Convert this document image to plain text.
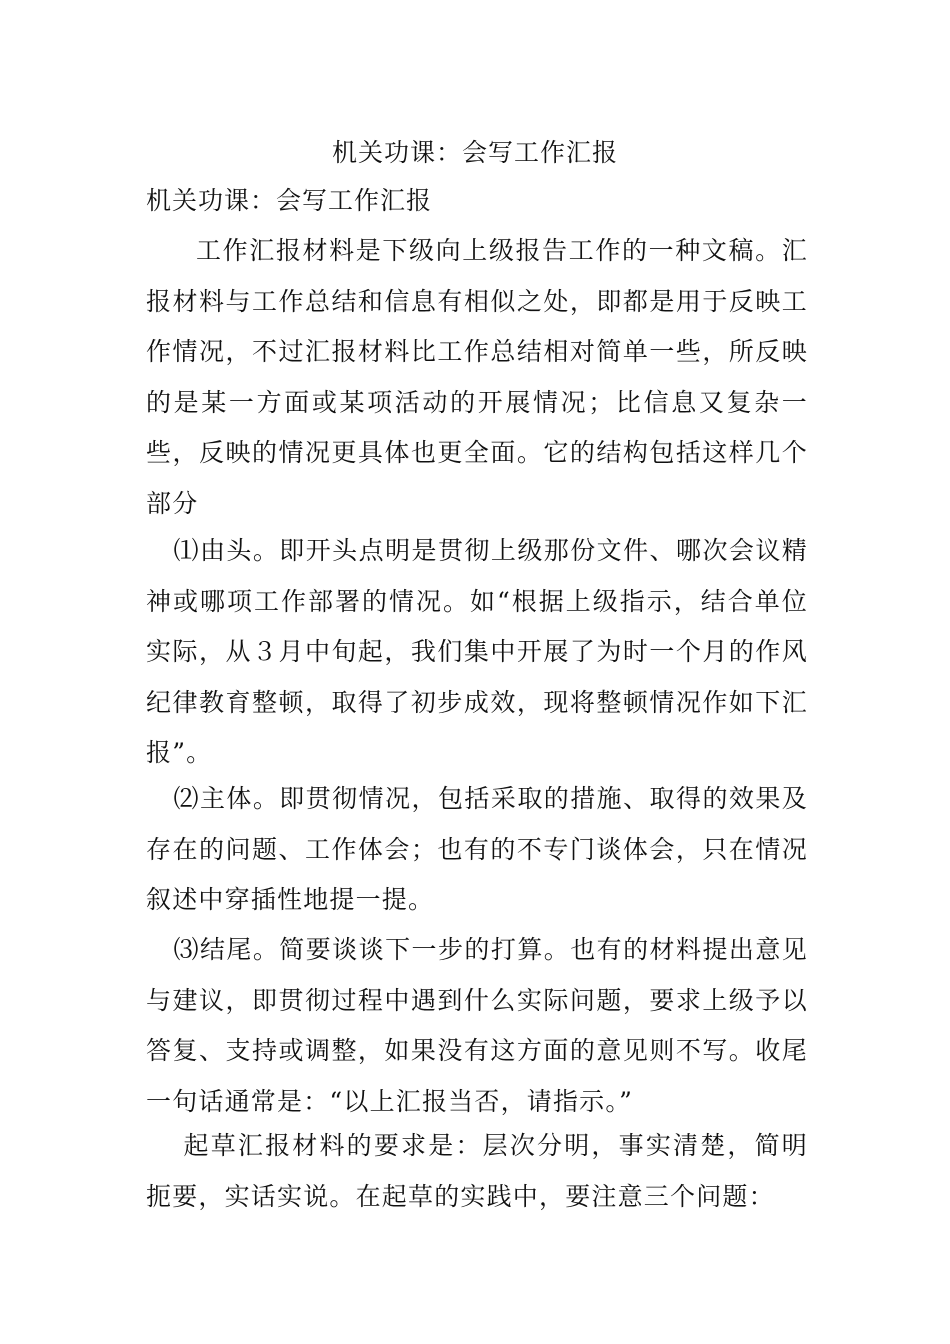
机关功课：会写工作汇报

机关功课：会写工作汇报

工作汇报材料是下级向上级报告工作的一种文稿。汇报材料与工作总结和信息有相似之处，即都是用于反映工作情况，不过汇报材料比工作总结相对简单一些，所反映的是某一方面或某项活动的开展情况；比信息又复杂一些，反映的情况更具体也更全面。它的结构包括这样几个部分

⑴由头。即开头点明是贯彻上级那份文件、哪次会议精神或哪项工作部署的情况。如“根据上级指示，结合单位实际，从３月中旬起，我们集中开展了为时一个月的作风纪律教育整顿，取得了初步成效，现将整顿情况作如下汇报”。

⑵主体。即贯彻情况，包括采取的措施、取得的效果及存在的问题、工作体会；也有的不专门谈体会，只在情况叙述中穿插性地提一提。

⑶结尾。简要谈谈下一步的打算。也有的材料提出意见与建议，即贯彻过程中遇到什么实际问题，要求上级予以答复、支持或调整，如果没有这方面的意见则不写。收尾一句话通常是：“以上汇报当否，请指示。”

起草汇报材料的要求是：层次分明，事实清楚，简明扼要，实话实说。在起草的实践中，要注意三个问题：
